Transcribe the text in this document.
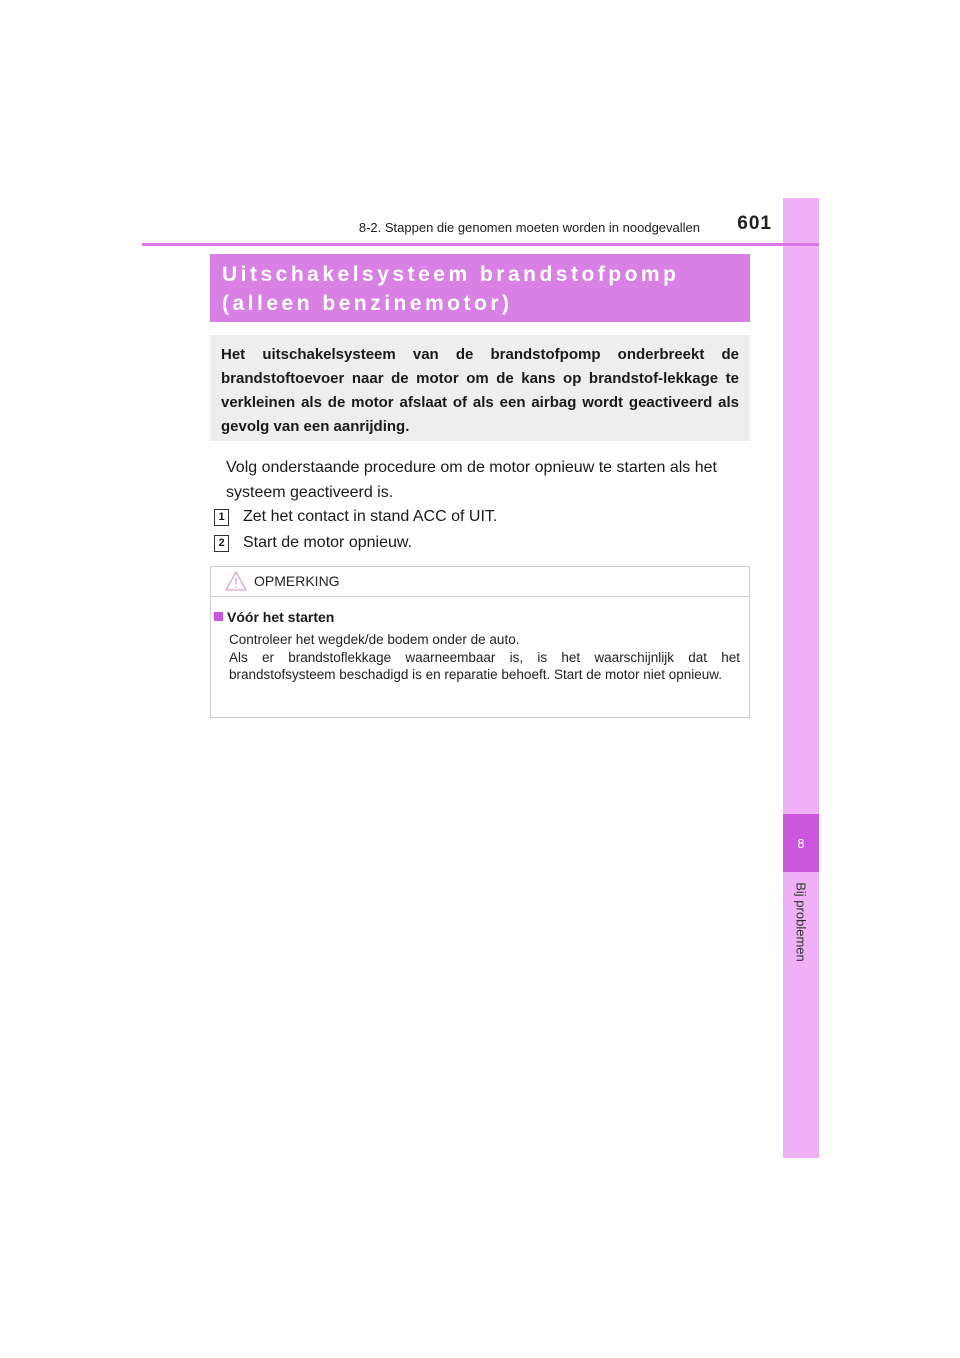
8
Bij problemen
8-2. Stappen die genomen moeten worden in noodgevallen	601
Uitschakelsysteem brandstofpomp (alleen benzinemotor)

Het uitschakelsysteem van de brandstofpomp onderbreekt de brandstoftoevoer naar de motor om de kans op brandstof-lekkage te verkleinen als de motor afslaat of als een airbag wordt geactiveerd als gevolg van een aanrijding.

Volg onderstaande procedure om de motor opnieuw te starten als het systeem geactiveerd is.

1 Zet het contact in stand ACC of UIT.
2 Start de motor opnieuw.
OPMERKING
Vóór het starten

Controleer het wegdek/de bodem onder de auto.

Als er brandstoflekkage waarneembaar is, is het waarschijnlijk dat het brandstofsysteem beschadigd is en reparatie behoeft. Start de motor niet opnieuw.
